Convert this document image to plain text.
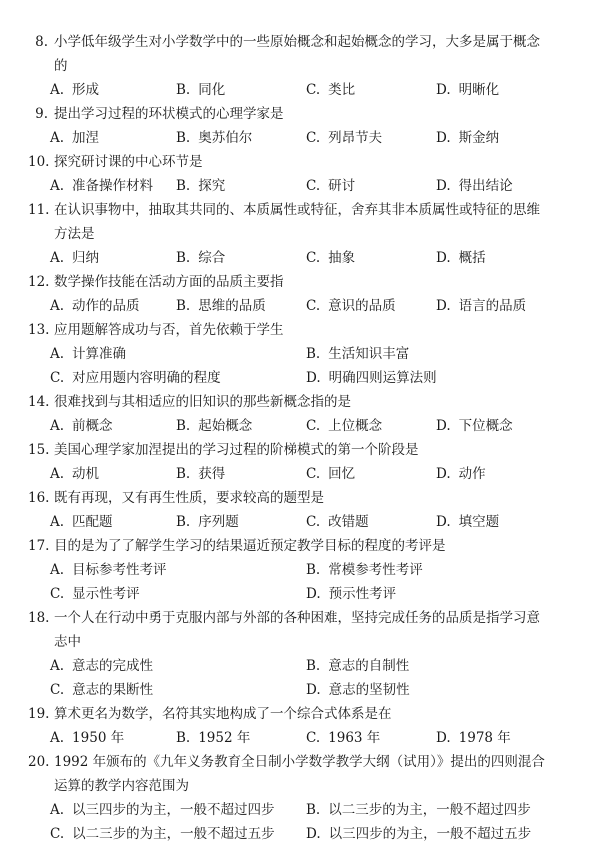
8. 小学低年级学生对小学数学中的一些原始概念和起始概念的学习，大多是属于概念
的
A. 形成	B. 同化	C. 类比	D. 明晰化
9. 提出学习过程的环状模式的心理学家是
A. 加涅	B. 奥苏伯尔	C. 列昂节夫	D. 斯金纳
10. 探究研讨课的中心环节是
A. 准备操作材料 B. 探究	C. 研讨	D. 得出结论
11. 在认识事物中，抽取其共同的、本质属性或特征，舍弃其非本质属性或特征的思维
方法是
A. 归纳	B. 综合	C. 抽象	D. 概括
12. 数学操作技能在活动方面的品质主要指
A. 动作的品质	B. 思维的品质	C. 意识的品质	D. 语言的品质
13. 应用题解答成功与否，首先依赖于学生
A. 计算准确	B. 生活知识丰富
C. 对应用题内容明确的程度	D. 明确四则运算法则
14. 很难找到与其相适应的旧知识的那些新概念指的是
A. 前概念	B. 起始概念	C. 上位概念	D. 下位概念
15. 美国心理学家加涅提出的学习过程的阶梯模式的第一个阶段是
A. 动机	B. 获得	C. 回忆	D. 动作
16. 既有再现，又有再生性质，要求较高的题型是
A. 匹配题	B. 序列题	C. 改错题	D. 填空题
17. 目的是为了了解学生学习的结果逼近预定教学目标的程度的考评是
A. 目标参考性考评	B. 常模参考性考评
C. 显示性考评	D. 预示性考评
18. 一个人在行动中勇于克服内部与外部的各种困难，坚持完成任务的品质是指学习意
志中
A. 意志的完成性	B. 意志的自制性
C. 意志的果断性	D. 意志的坚韧性
19. 算术更名为数学，名符其实地构成了一个综合式体系是在
A. 1950 年	B. 1952 年	C. 1963 年	D. 1978 年
20. 1992 年颁布的《九年义务教育全日制小学数学教学大纲（试用）》提出的四则混合
运算的教学内容范围为
A. 以三四步的为主，一般不超过四步 B. 以二三步的为主，一般不超过四步
C. 以二三步的为主，一般不超过五步 D. 以三四步的为主，一般不超过五步
